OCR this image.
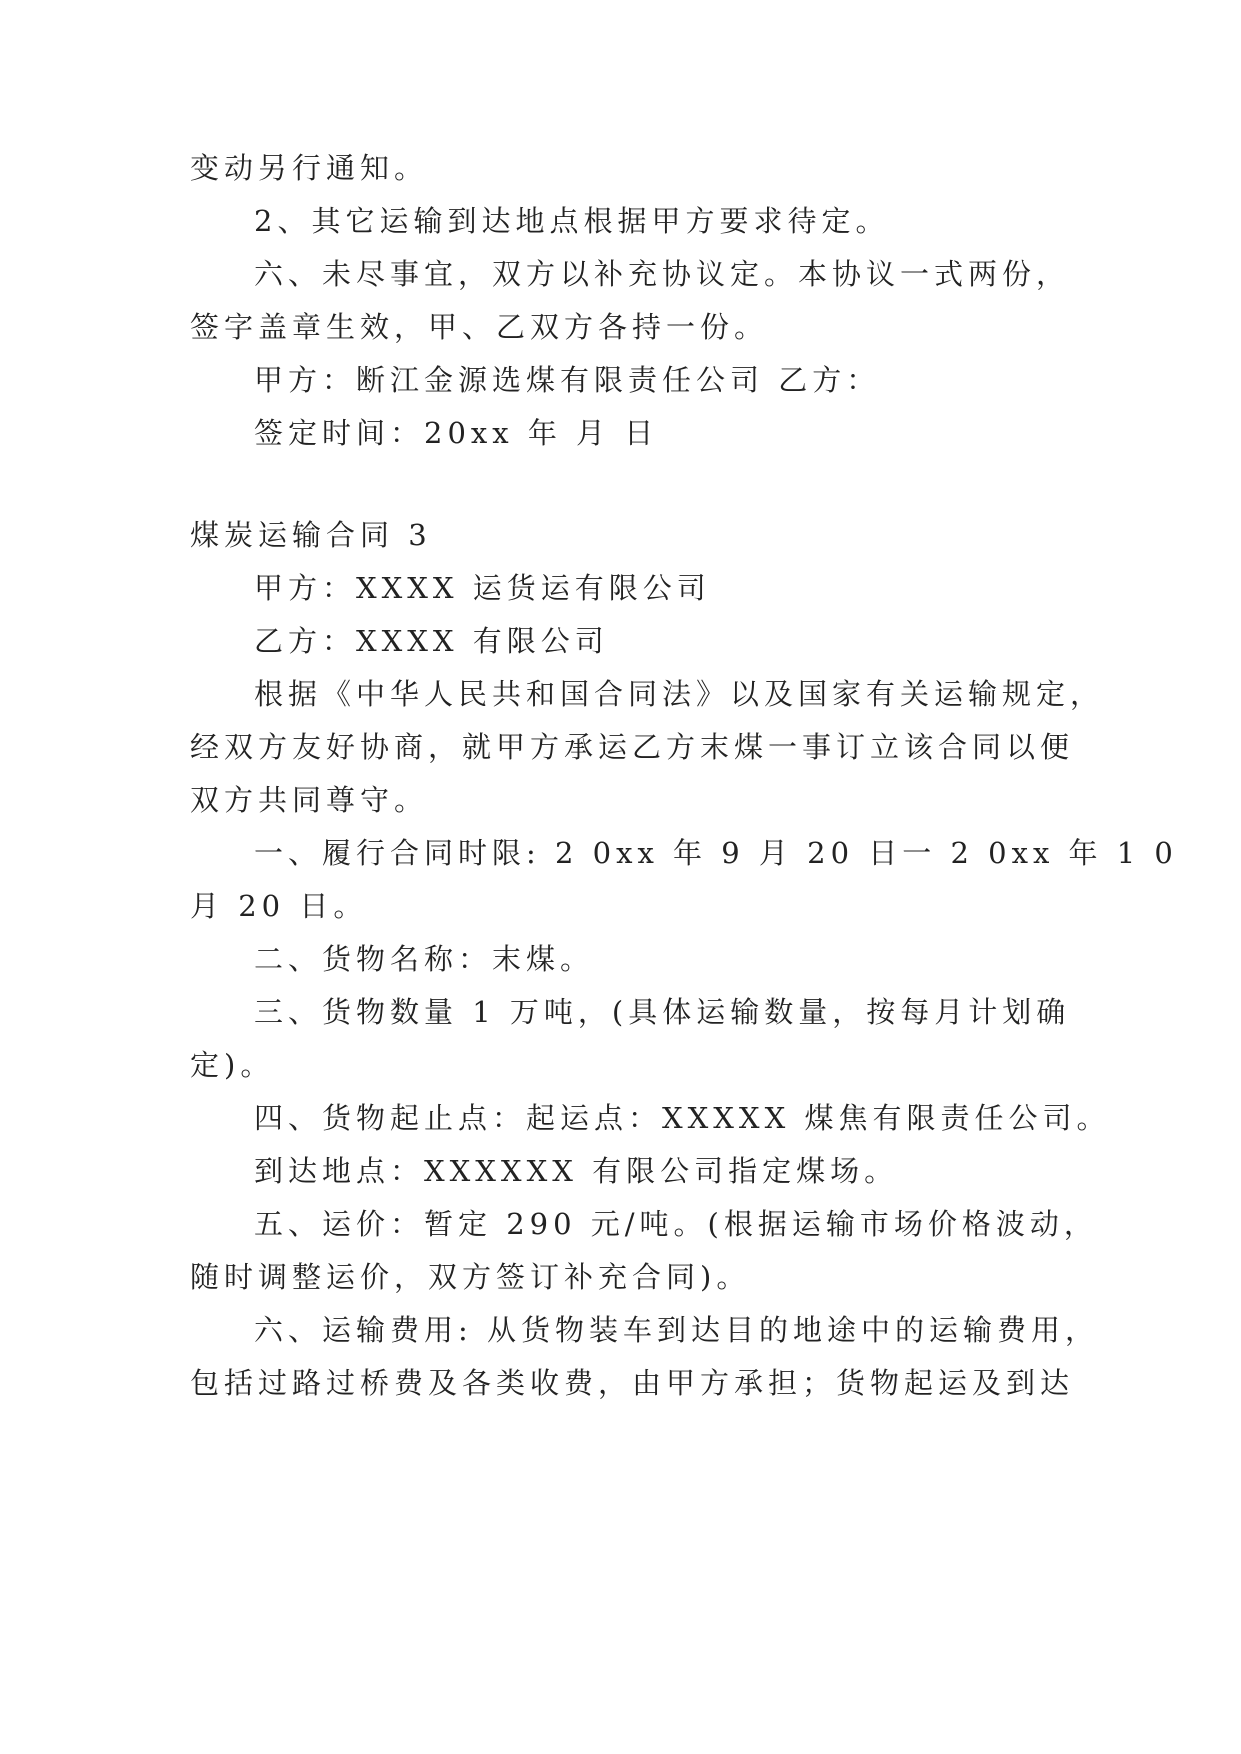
变动另行通知。
2、其它运输到达地点根据甲方要求待定。
六、未尽事宜，双方以补充协议定。本协议一式两份，
签字盖章生效，甲、乙双方各持一份。
甲方：断江金源选煤有限责任公司 乙方：
签定时间：20xx 年 月 日
煤炭运输合同 3
甲方：XXXX 运货运有限公司
乙方：XXXX 有限公司
根据《中华人民共和国合同法》以及国家有关运输规定，
经双方友好协商，就甲方承运乙方末煤一事订立该合同以便
双方共同尊守。
一、履行合同时限: 2 0xx 年 9 月 20 日一 2 0xx 年 1 0
月 20 日。
二、货物名称：末煤。
三、货物数量 1 万吨，(具体运输数量，按每月计划确
定)。
四、货物起止点：起运点：XXXXX 煤焦有限责任公司。
到达地点：XXXXXX 有限公司指定煤场。
五、运价：暂定 290 元/吨。(根据运输市场价格波动，
随时调整运价，双方签订补充合同)。
六、运输费用: 从货物装车到达目的地途中的运输费用，
包括过路过桥费及各类收费，由甲方承担；货物起运及到达
